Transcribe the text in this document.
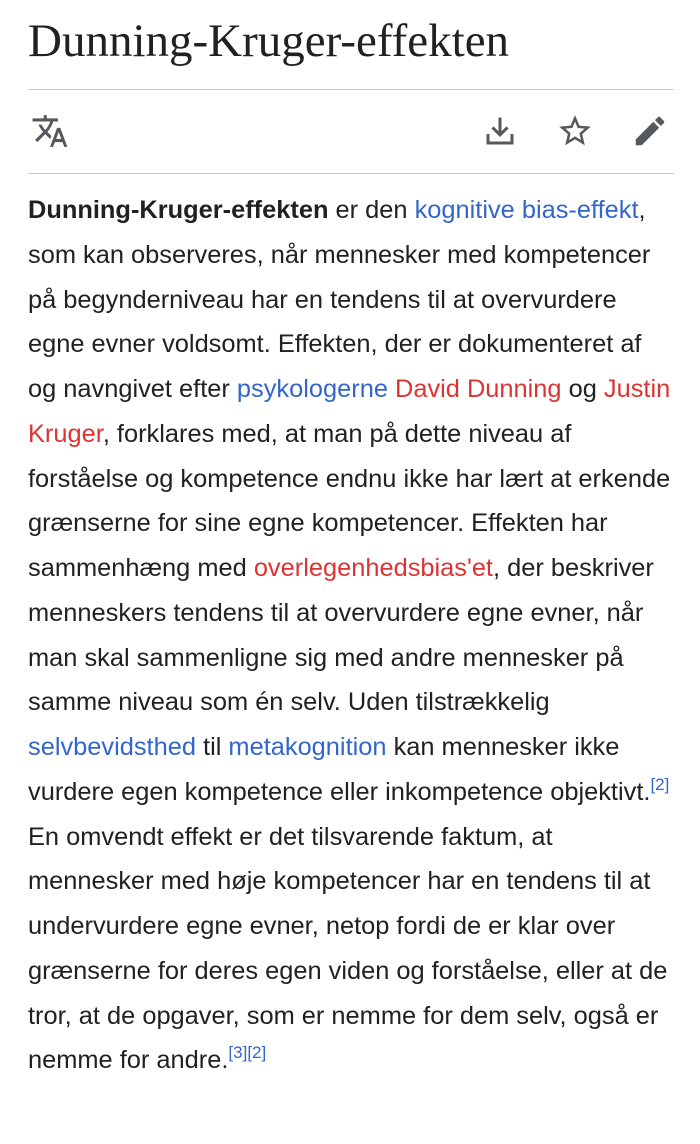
Dunning-Kruger-effekten

Dunning-Kruger-effekten er den kognitive bias-effekt, som kan observeres, når mennesker med kompetencer på begynderniveau har en tendens til at overvurdere egne evner voldsomt. Effekten, der er dokumenteret af og navngivet efter psykologerne David Dunning og Justin Kruger, forklares med, at man på dette niveau af forståelse og kompetence endnu ikke har lært at erkende grænserne for sine egne kompetencer. Effekten har sammenhæng med overlegenhedsbias'et, der beskriver menneskers tendens til at overvurdere egne evner, når man skal sammenligne sig med andre mennesker på samme niveau som én selv. Uden tilstrækkelig selvbevidsthed til metakognition kan mennesker ikke vurdere egen kompetence eller inkompetence objektivt.[2] En omvendt effekt er det tilsvarende faktum, at mennesker med høje kompetencer har en tendens til at undervurdere egne evner, netop fordi de er klar over grænserne for deres egen viden og forståelse, eller at de tror, at de opgaver, som er nemme for dem selv, også er nemme for andre.[3][2]
